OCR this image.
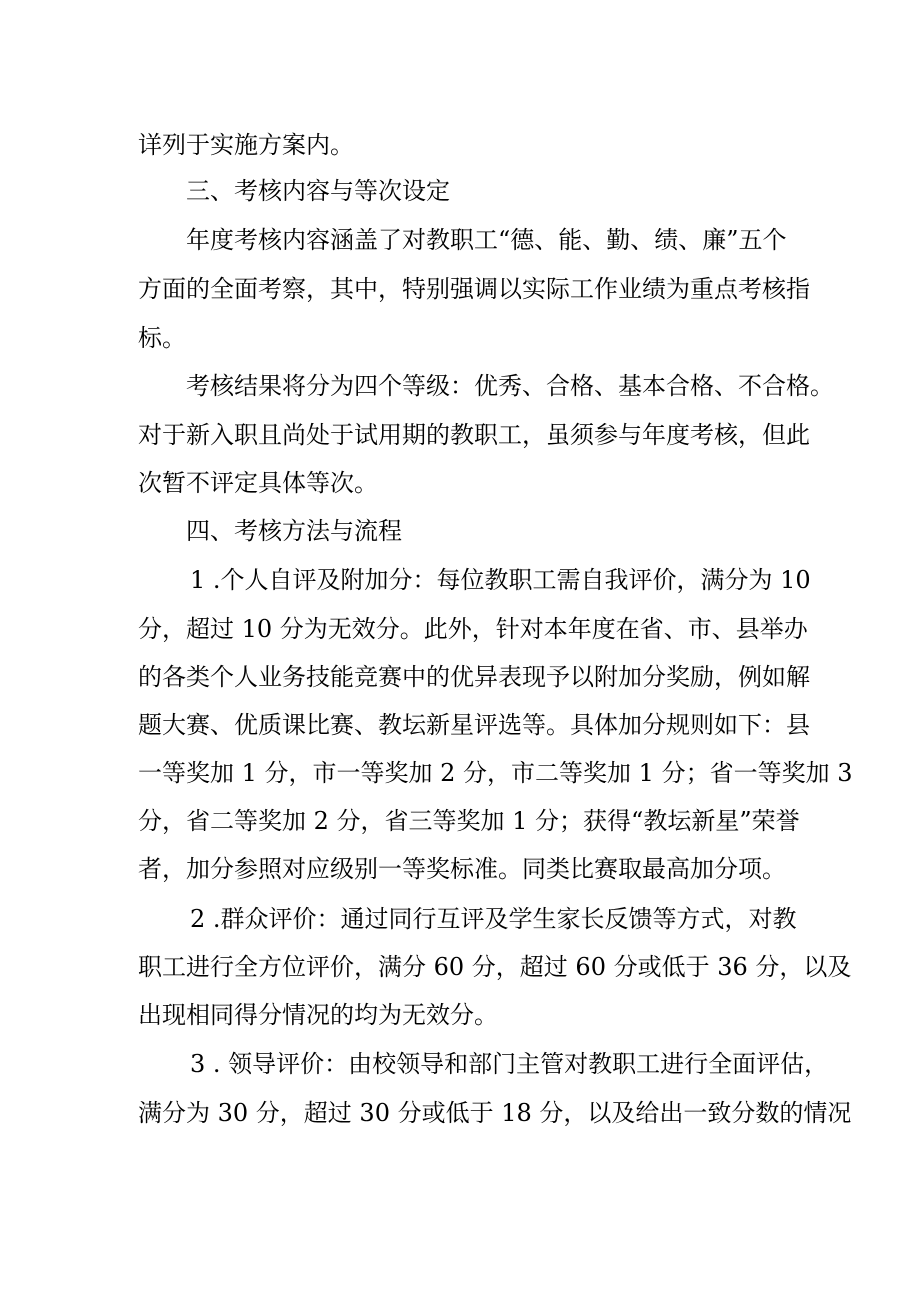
详列于实施方案内。
三、考核内容与等次设定
年度考核内容涵盖了对教职工“德、能、勤、绩、廉”五个
方面的全面考察，其中，特别强调以实际工作业绩为重点考核指
标。
考核结果将分为四个等级：优秀、合格、基本合格、不合格。
对于新入职且尚处于试用期的教职工，虽须参与年度考核，但此
次暂不评定具体等次。
四、考核方法与流程
1 .个人自评及附加分：每位教职工需自我评价，满分为 10
分，超过 10 分为无效分。此外，针对本年度在省、市、县举办
的各类个人业务技能竞赛中的优异表现予以附加分奖励，例如解
题大赛、优质课比赛、教坛新星评选等。具体加分规则如下：县
一等奖加 1 分，市一等奖加 2 分，市二等奖加 1 分；省一等奖加 3
分，省二等奖加 2 分，省三等奖加 1 分；获得“教坛新星”荣誉
者，加分参照对应级别一等奖标准。同类比赛取最高加分项。
2 .群众评价：通过同行互评及学生家长反馈等方式，对教
职工进行全方位评价，满分 60 分，超过 60 分或低于 36 分，以及
出现相同得分情况的均为无效分。
3 . 领导评价：由校领导和部门主管对教职工进行全面评估，
满分为 30 分，超过 30 分或低于 18 分，以及给出一致分数的情况
